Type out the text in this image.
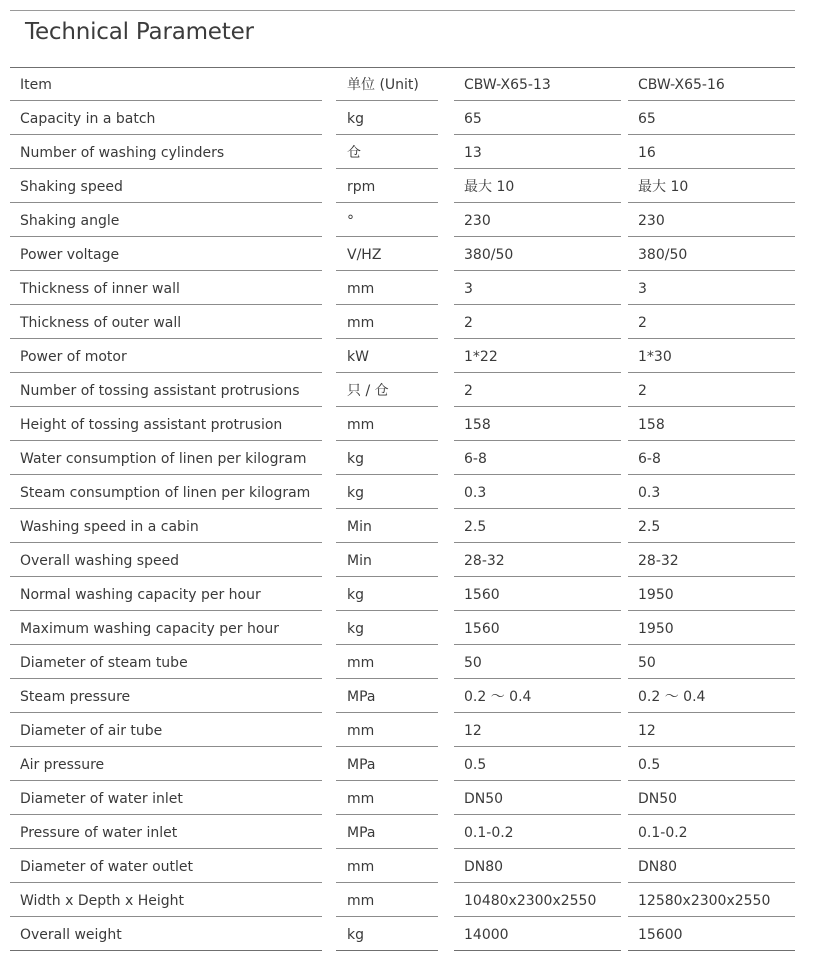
Technical Parameter
Item	单位 (Unit)	CBW-X65-13	CBW-X65-16
Capacity in a batch	kg	65	65
Number of washing cylinders	仓	13	16
Shaking speed	rpm	最大 10	最大 10
Shaking angle	°	230	230
Power voltage	V/HZ	380/50	380/50
Thickness of inner wall	mm	3	3
Thickness of outer wall	mm	2	2
Power of motor	kW	1*22	1*30
Number of tossing assistant protrusions	只 / 仓	2	2
Height of tossing assistant protrusion	mm	158	158
Water consumption of linen per kilogram	kg	6-8	6-8
Steam consumption of linen per kilogram	kg	0.3	0.3
Washing speed in a cabin	Min	2.5	2.5
Overall washing speed	Min	28-32	28-32
Normal washing capacity per hour	kg	1560	1950
Maximum washing capacity per hour	kg	1560	1950
Diameter of steam tube	mm	50	50
Steam pressure	MPa	0.2 ～ 0.4	0.2 ～ 0.4
Diameter of air tube	mm	12	12
Air pressure	MPa	0.5	0.5
Diameter of water inlet	mm	DN50	DN50
Pressure of water inlet	MPa	0.1-0.2	0.1-0.2
Diameter of water outlet	mm	DN80	DN80
Width x Depth x Height	mm	10480x2300x2550	12580x2300x2550
Overall weight	kg	14000	15600
